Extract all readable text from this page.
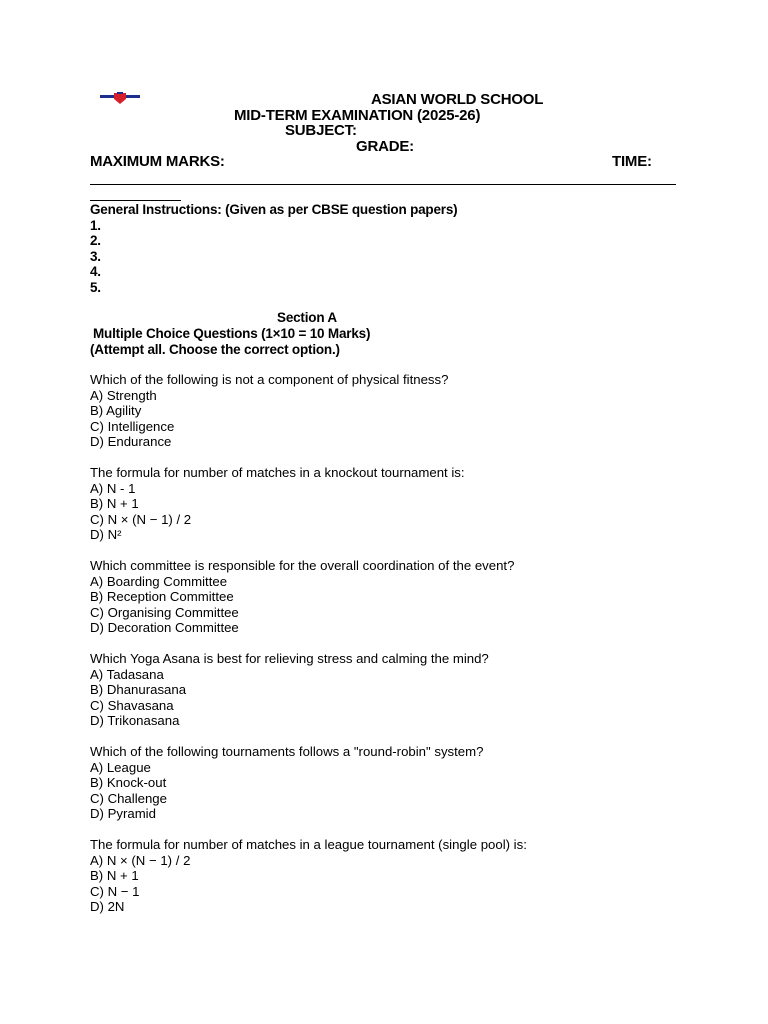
ASIAN WORLD SCHOOL
MID-TERM EXAMINATION (2025-26)
SUBJECT:
GRADE:
MAXIMUM MARKS:	TIME:
General Instructions: (Given as per CBSE question papers)
1.
2.
3.
4.
5.
Section A
Multiple Choice Questions (1×10 = 10 Marks)
(Attempt all. Choose the correct option.)
Which of the following is not a component of physical fitness?
A) Strength
B) Agility
C) Intelligence
D) Endurance
The formula for number of matches in a knockout tournament is:
A) N - 1
B) N + 1
C) N × (N − 1) / 2
D) N²
Which committee is responsible for the overall coordination of the event?
A) Boarding Committee
B) Reception Committee
C) Organising Committee
D) Decoration Committee
Which Yoga Asana is best for relieving stress and calming the mind?
A) Tadasana
B) Dhanurasana
C) Shavasana
D) Trikonasana
Which of the following tournaments follows a "round-robin" system?
A) League
B) Knock-out
C) Challenge
D) Pyramid
The formula for number of matches in a league tournament (single pool) is:
A) N × (N − 1) / 2
B) N + 1
C) N − 1
D) 2N
